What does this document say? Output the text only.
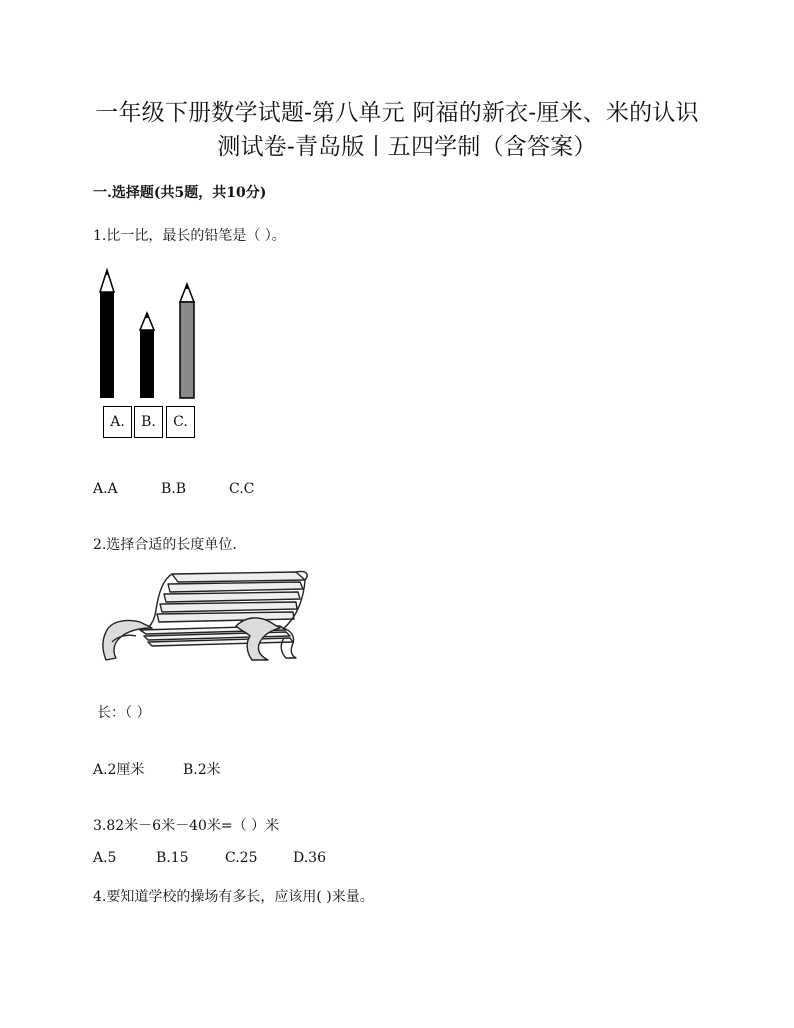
一年级下册数学试题-第八单元 阿福的新衣-厘米、米的认识
测试卷-青岛版丨五四学制（含答案）
一.选择题(共5题，共10分)
1.比一比，最长的铅笔是（ ）。
A.	B.	C.
A.A	B.B	C.C
2.选择合适的长度单位.
长：（ ）
A.2厘米	B.2米
3.82米－6米－40米=（ ）米
A.5	B.15	C.25	D.36
4.要知道学校的操场有多长，应该用( )来量。
